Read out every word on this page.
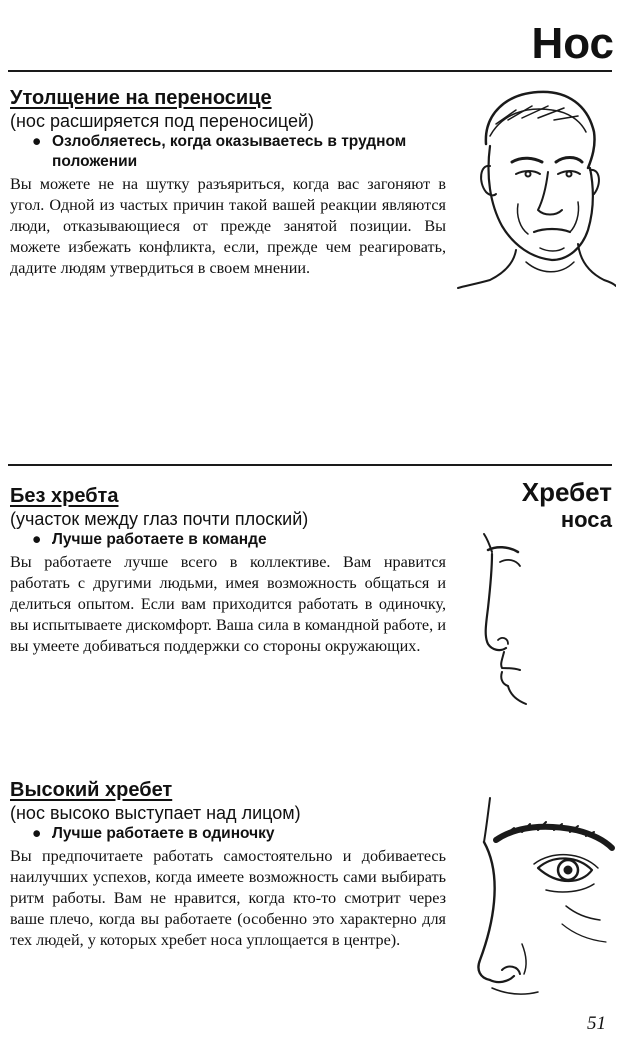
Нос
Утолщение на переносице
(нос расширяется под переносицей)
● Озлобляетесь, когда оказываетесь в трудном положении
Вы можете не на шутку разъяриться, когда вас загоняют в угол. Одной из частых причин такой вашей реакции являются люди, отказывающиеся от прежде занятой позиции. Вы можете избежать конфликта, если, прежде чем реагировать, дадите людям утвердиться в своем мнении.
Без хребта
(участок между глаз почти плоский)
● Лучше работаете в команде
Вы работаете лучше всего в коллективе. Вам нравится работать с другими людьми, имея возможность общаться и делиться опытом. Если вам приходится работать в одиночку, вы испытываете дискомфорт. Ваша сила в командной работе, и вы умеете добиваться поддержки со стороны окружающих.
Хребет
носа
Высокий хребет
(нос высоко выступает над лицом)
● Лучше работаете в одиночку
Вы предпочитаете работать самостоятельно и добиваетесь наилучших успехов, когда имеете возможность сами выбирать ритм работы. Вам не нравится, когда кто-то смотрит через ваше плечо, когда вы работаете (особенно это характерно для тех людей, у которых хребет носа уплощается в центре).
51
